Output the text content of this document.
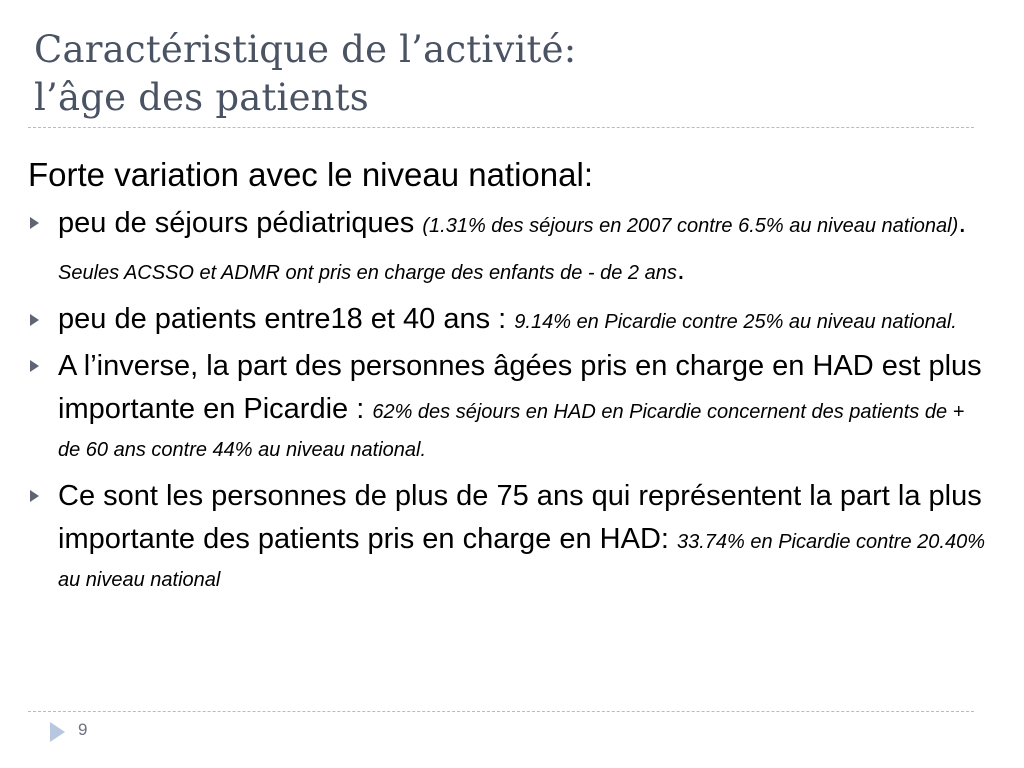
Caractéristique de l’activité:
l’âge des patients
Forte variation avec le niveau national:
peu de séjours pédiatriques (1.31% des séjours en 2007 contre 6.5% au niveau national). Seules ACSSO et ADMR ont pris en charge des enfants de - de 2 ans.
peu de patients entre18 et 40 ans : 9.14% en Picardie contre 25% au niveau national.
A l’inverse, la part des personnes âgées pris en charge en HAD est plus importante en Picardie : 62% des séjours en HAD en Picardie concernent des patients de + de 60 ans contre 44% au niveau national.
Ce sont les personnes de plus de 75 ans qui représentent la part la plus importante des patients pris en charge en HAD: 33.74% en Picardie contre 20.40% au niveau national
9
